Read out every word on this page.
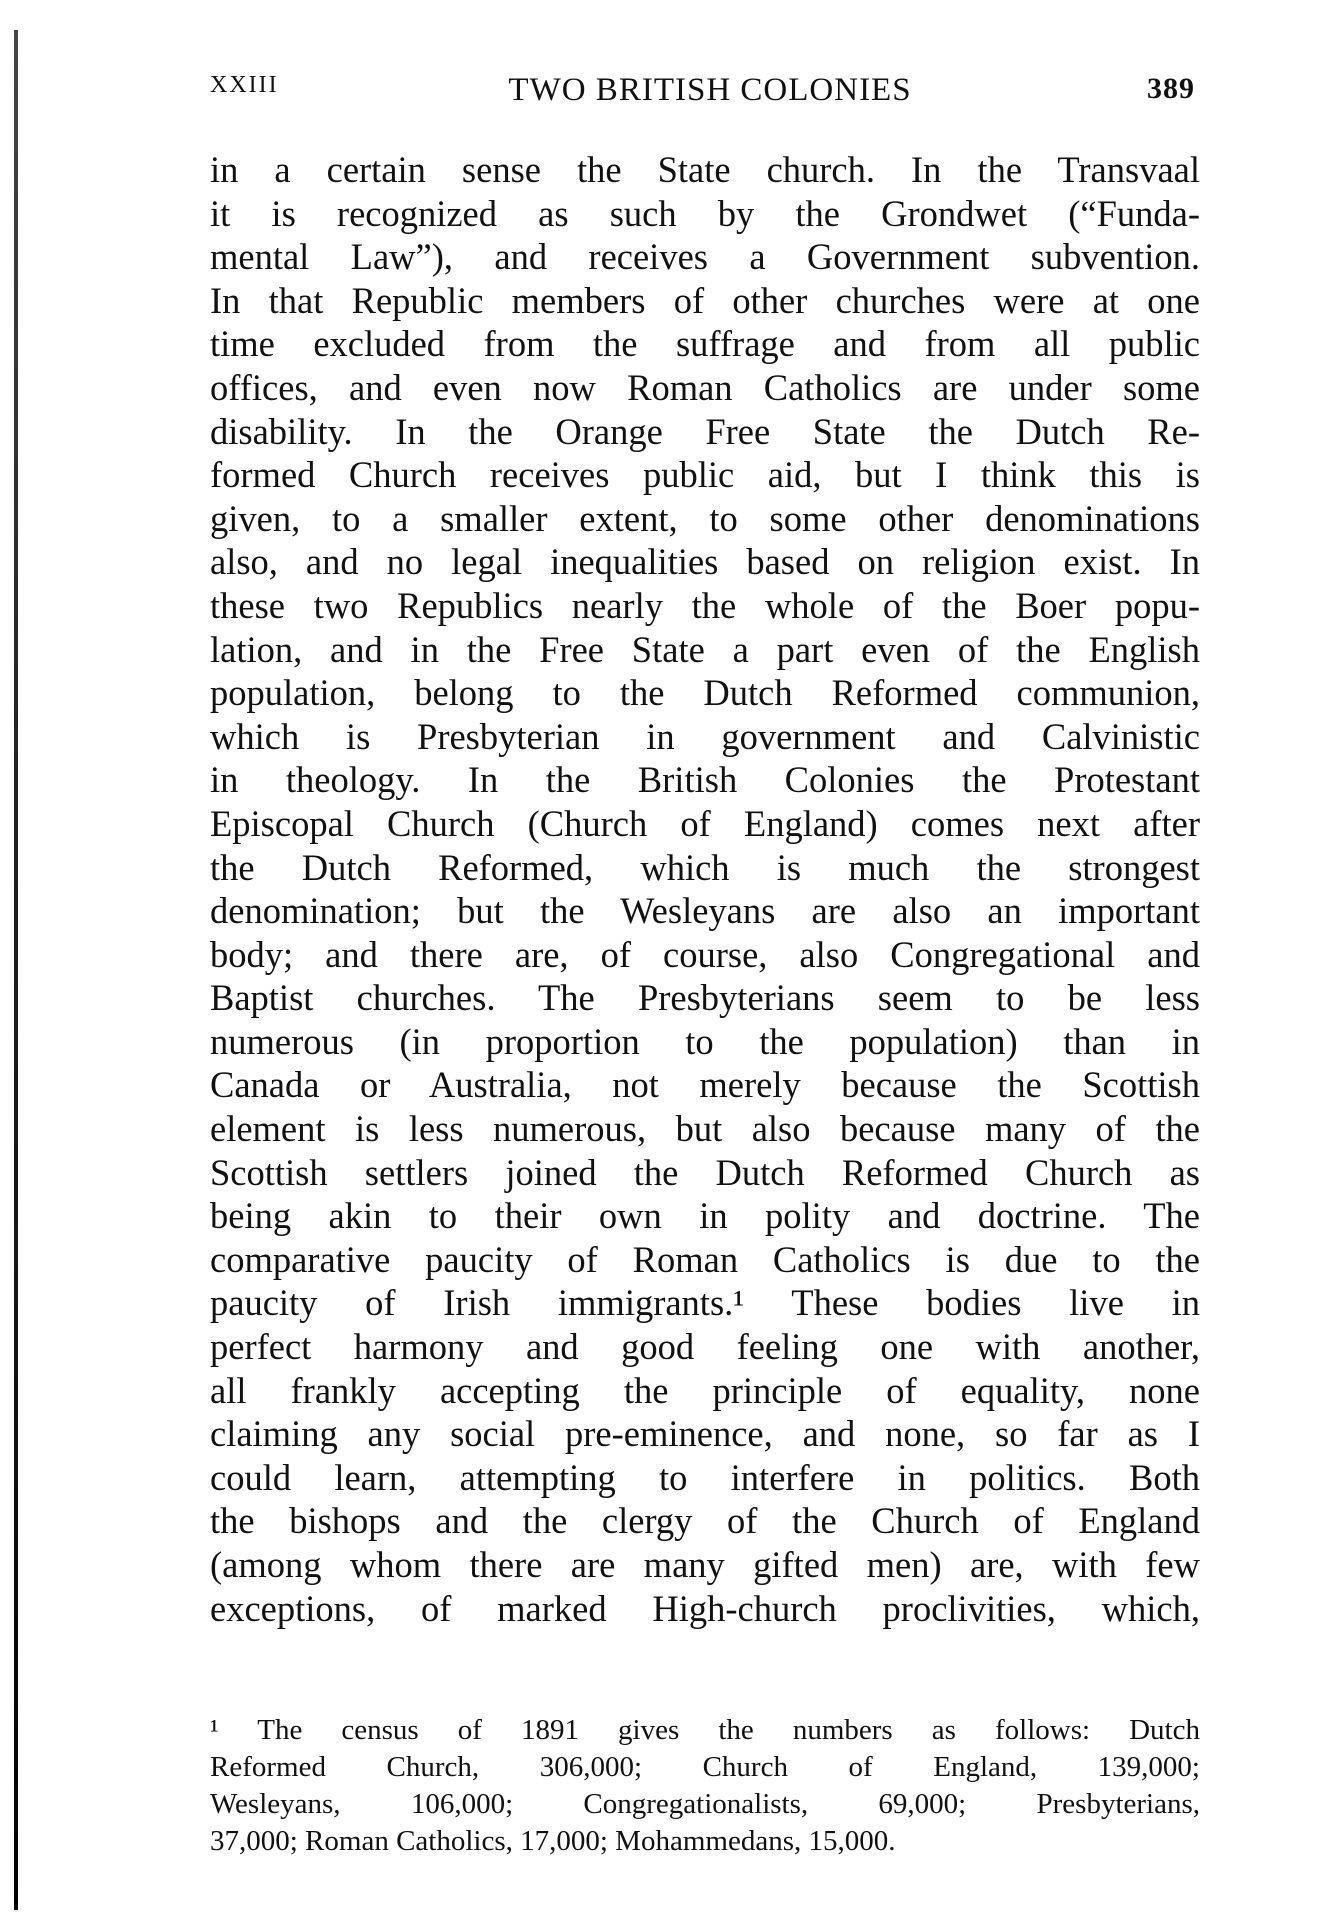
XXIII	TWO BRITISH COLONIES	389
in a certain sense the State church. In the Transvaal
it is recognized as such by the Grondwet (“Funda-
mental Law”), and receives a Government subvention.
In that Republic members of other churches were at one
time excluded from the suffrage and from all public
offices, and even now Roman Catholics are under some
disability. In the Orange Free State the Dutch Re-
formed Church receives public aid, but I think this is
given, to a smaller extent, to some other denominations
also, and no legal inequalities based on religion exist. In
these two Republics nearly the whole of the Boer popu-
lation, and in the Free State a part even of the English
population, belong to the Dutch Reformed communion,
which is Presbyterian in government and Calvinistic
in theology. In the British Colonies the Protestant
Episcopal Church (Church of England) comes next after
the Dutch Reformed, which is much the strongest
denomination; but the Wesleyans are also an important
body; and there are, of course, also Congregational and
Baptist churches. The Presbyterians seem to be less
numerous (in proportion to the population) than in
Canada or Australia, not merely because the Scottish
element is less numerous, but also because many of the
Scottish settlers joined the Dutch Reformed Church as
being akin to their own in polity and doctrine. The
comparative paucity of Roman Catholics is due to the
paucity of Irish immigrants.¹ These bodies live in
perfect harmony and good feeling one with another,
all frankly accepting the principle of equality, none
claiming any social pre-eminence, and none, so far as I
could learn, attempting to interfere in politics. Both
the bishops and the clergy of the Church of England
(among whom there are many gifted men) are, with few
exceptions, of marked High-church proclivities, which,
¹ The census of 1891 gives the numbers as follows: Dutch
Reformed Church, 306,000; Church of England, 139,000;
Wesleyans, 106,000; Congregationalists, 69,000; Presbyterians,
37,000; Roman Catholics, 17,000; Mohammedans, 15,000.
